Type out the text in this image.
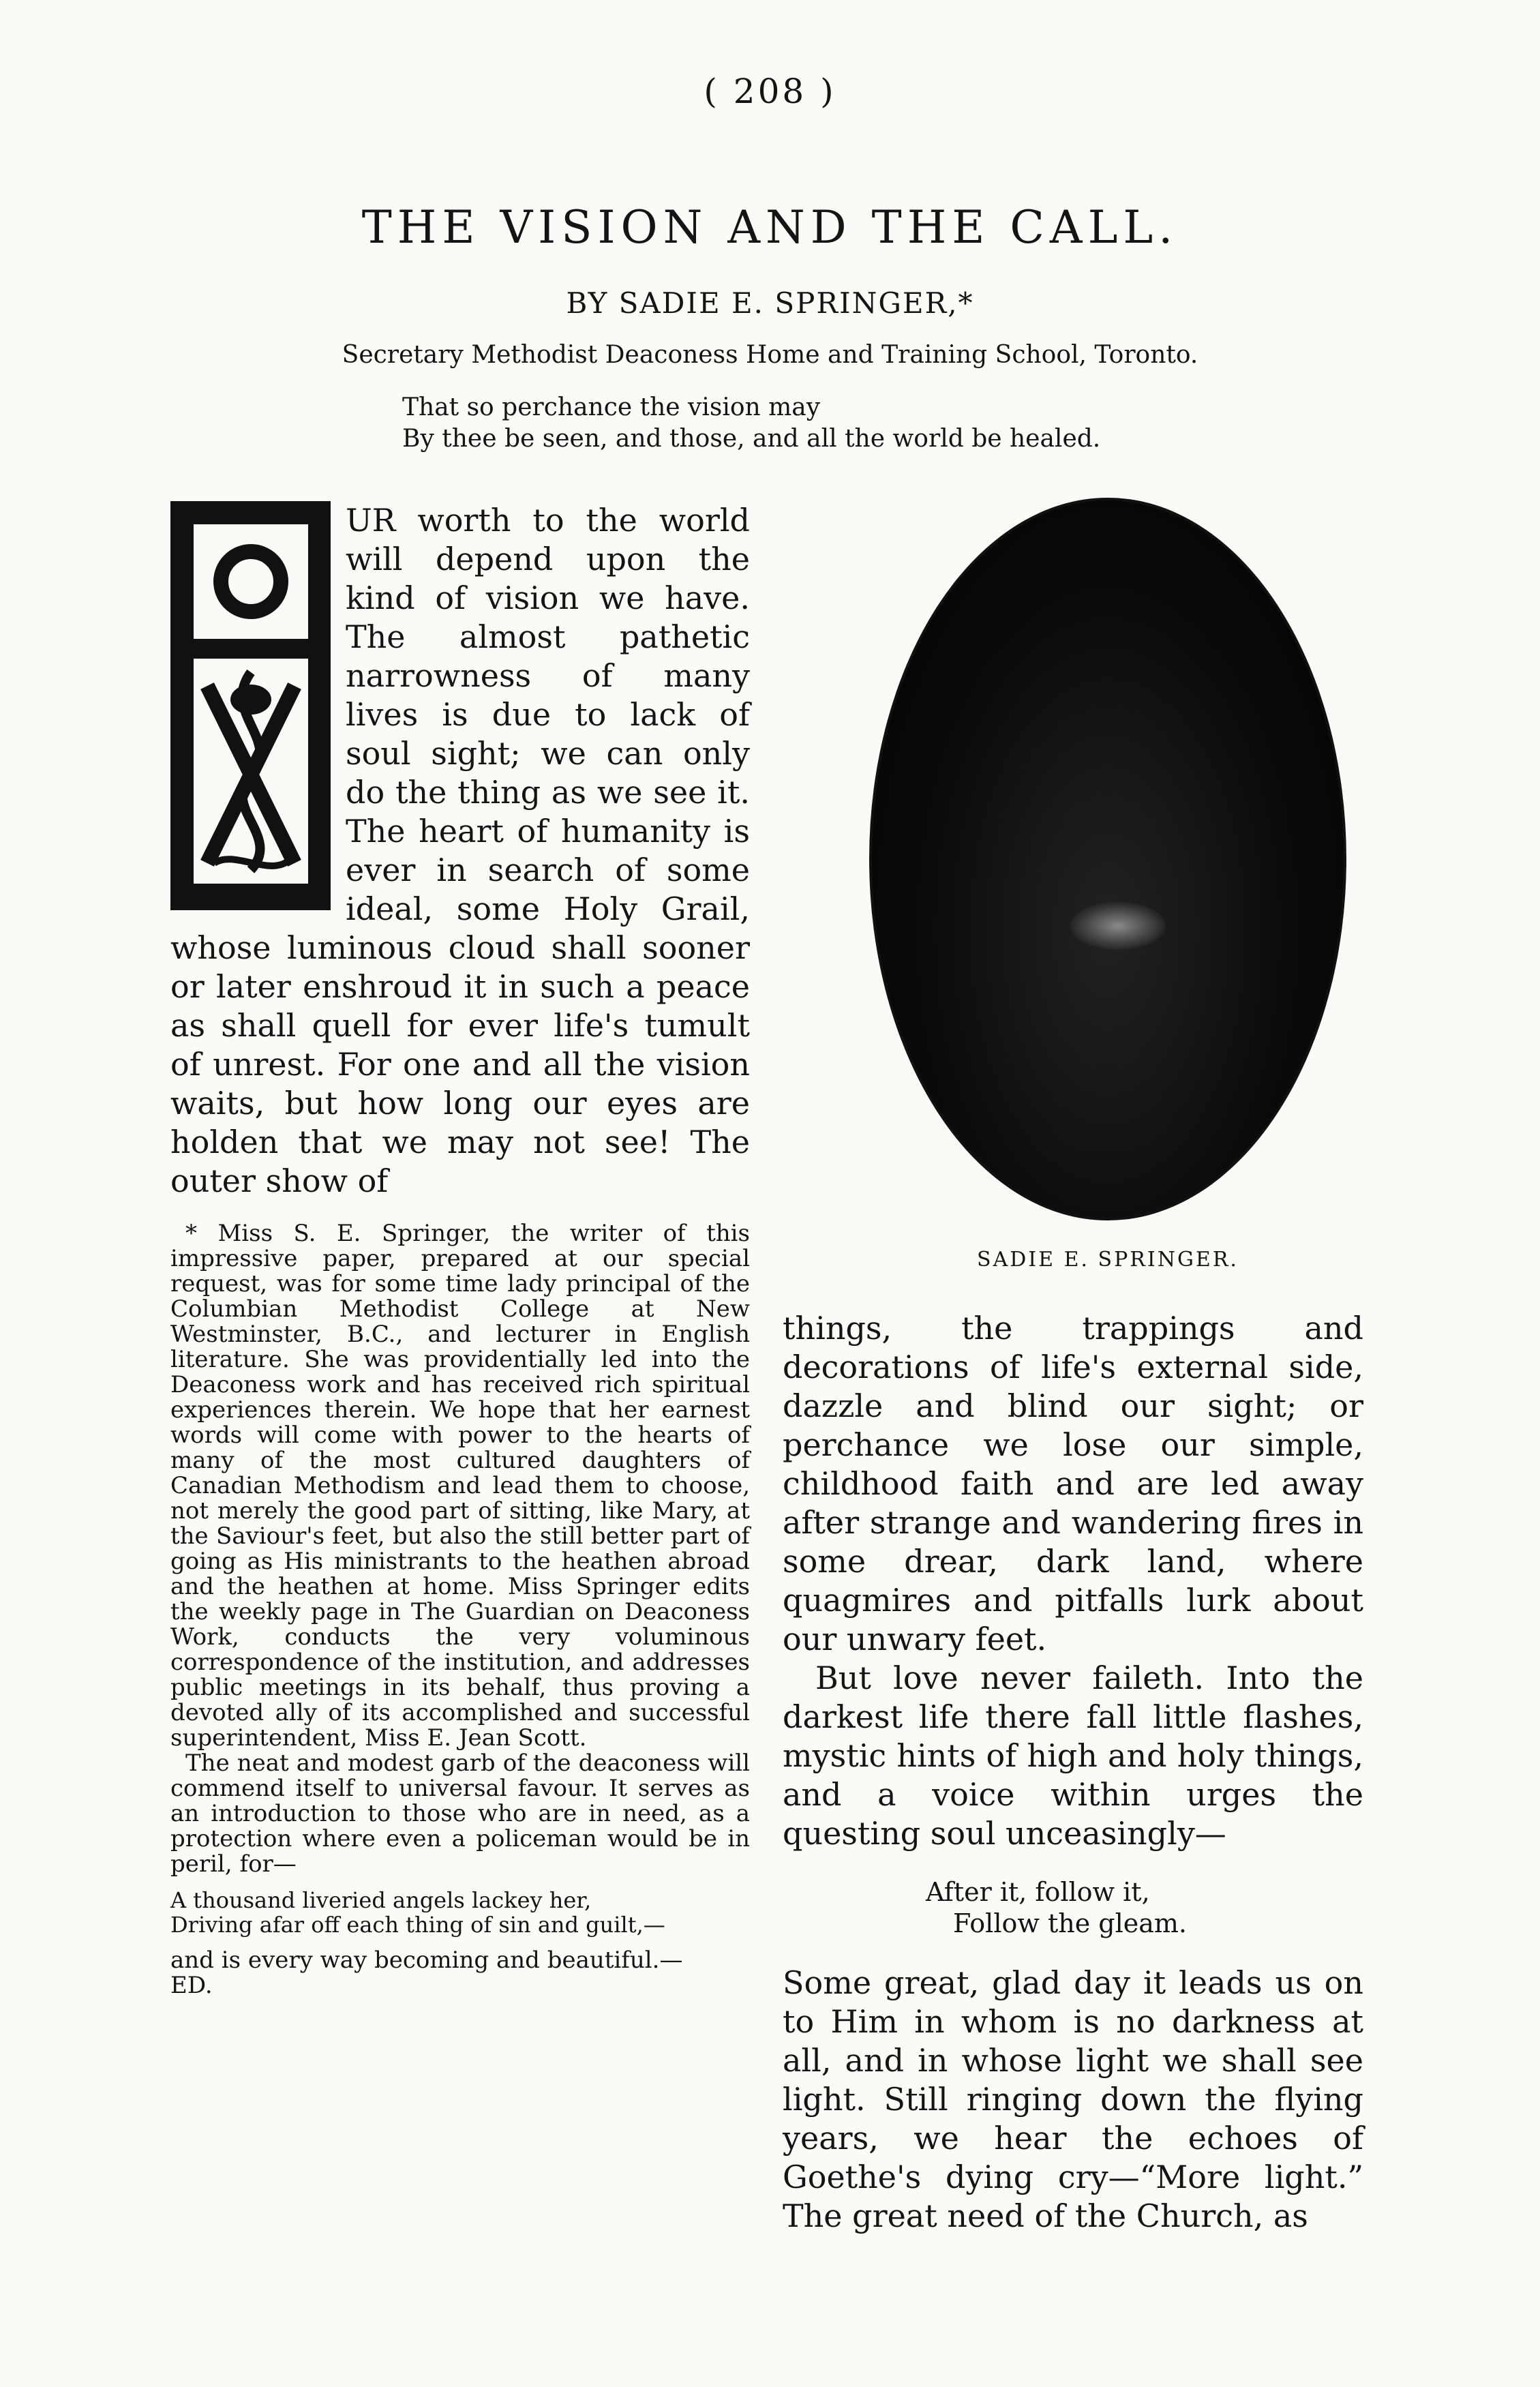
( 208 )
THE VISION AND THE CALL.
BY SADIE E. SPRINGER,*
Secretary Methodist Deaconess Home and Training School, Toronto.
That so perchance the vision may
By thee be seen, and those, and all the world be healed.

UR worth to the world will depend upon the kind of vision we have. The almost pathetic narrowness of many lives is due to lack of soul sight; we can only do the thing as we see it. The heart of humanity is ever in search of some ideal, some Holy Grail, whose luminous cloud shall sooner or later enshroud it in such a peace as shall quell for ever life's tumult of unrest. For one and all the vision waits, but how long our eyes are holden that we may not see! The outer show of

* Miss S. E. Springer, the writer of this impressive paper, prepared at our special request, was for some time lady principal of the Columbian Methodist College at New Westminster, B.C., and lecturer in English literature. She was providentially led into the Deaconess work and has received rich spiritual experiences therein. We hope that her earnest words will come with power to the hearts of many of the most cultured daughters of Canadian Methodism and lead them to choose, not merely the good part of sitting, like Mary, at the Saviour's feet, but also the still better part of going as His ministrants to the heathen abroad and the heathen at home. Miss Springer edits the weekly page in The Guardian on Deaconess Work, conducts the very voluminous correspondence of the institution, and addresses public meetings in its behalf, thus proving a devoted ally of its accomplished and successful superintendent, Miss E. Jean Scott.

The neat and modest garb of the deaconess will commend itself to universal favour. It serves as an introduction to those who are in need, as a protection where even a policeman would be in peril, for—

A thousand liveried angels lackey her,
Driving afar off each thing of sin and guilt,—

and is every way becoming and beautiful.—

ED.
SADIE E. SPRINGER.

things, the trappings and decorations of life's external side, dazzle and blind our sight; or perchance we lose our simple, childhood faith and are led away after strange and wandering fires in some drear, dark land, where quagmires and pitfalls lurk about our unwary feet.

But love never faileth. Into the darkest life there fall little flashes, mystic hints of high and holy things, and a voice within urges the questing soul unceasingly—

After it, follow it,
Follow the gleam.

Some great, glad day it leads us on to Him in whom is no darkness at all, and in whose light we shall see light. Still ringing down the flying years, we hear the echoes of Goethe's dying cry—“More light.” The great need of the Church, as
